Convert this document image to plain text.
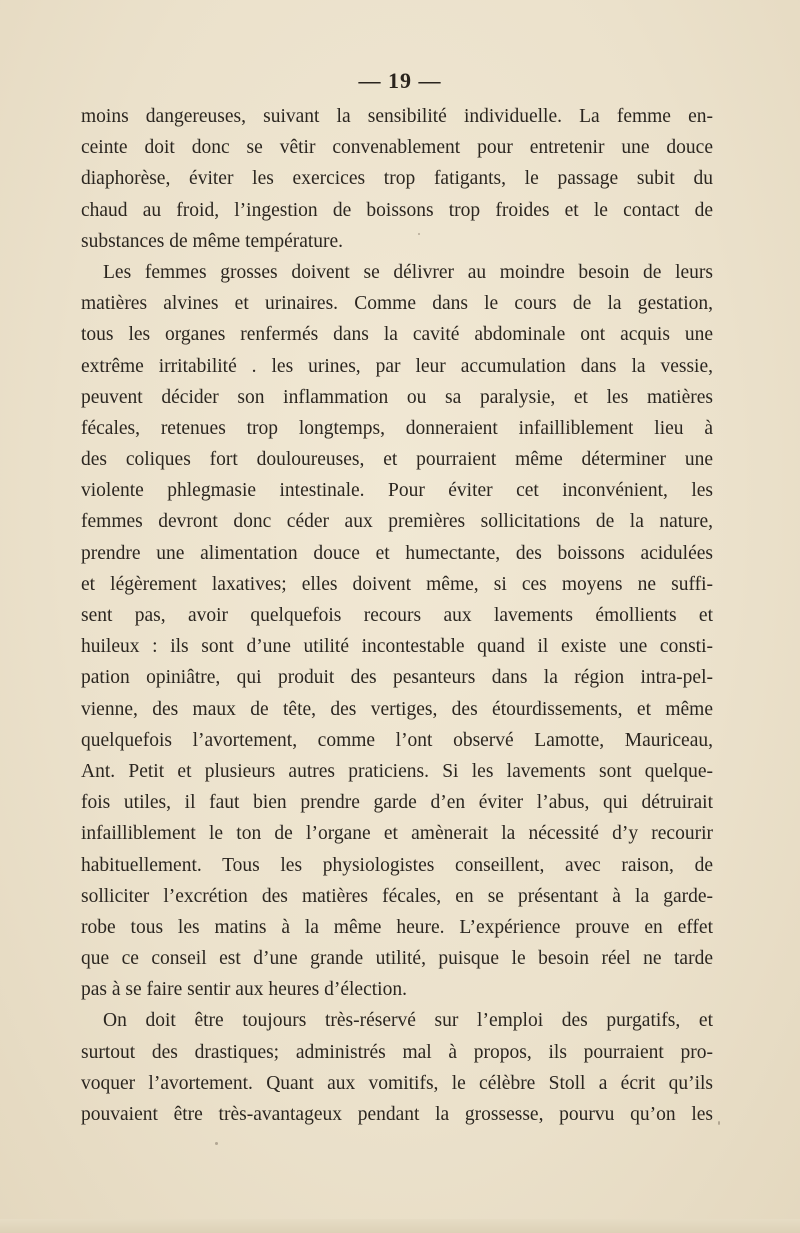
— 19 —
moins dangereuses, suivant la sensibilité individuelle. La femme en-
ceinte doit donc se vêtir convenablement pour entretenir une douce
diaphorèse, éviter les exercices trop fatigants, le passage subit du
chaud au froid, l’ingestion de boissons trop froides et le contact de
substances de même température.
Les femmes grosses doivent se délivrer au moindre besoin de leurs
matières alvines et urinaires. Comme dans le cours de la gestation,
tous les organes renfermés dans la cavité abdominale ont acquis une
extrême irritabilité . les urines, par leur accumulation dans la vessie,
peuvent décider son inflammation ou sa paralysie, et les matières
fécales, retenues trop longtemps, donneraient infailliblement lieu à
des coliques fort douloureuses, et pourraient même déterminer une
violente phlegmasie intestinale. Pour éviter cet inconvénient, les
femmes devront donc céder aux premières sollicitations de la nature,
prendre une alimentation douce et humectante, des boissons acidulées
et légèrement laxatives; elles doivent même, si ces moyens ne suffi-
sent pas, avoir quelquefois recours aux lavements émollients et
huileux : ils sont d’une utilité incontestable quand il existe une consti-
pation opiniâtre, qui produit des pesanteurs dans la région intra-pel-
vienne, des maux de tête, des vertiges, des étourdissements, et même
quelquefois l’avortement, comme l’ont observé Lamotte, Mauriceau,
Ant. Petit et plusieurs autres praticiens. Si les lavements sont quelque-
fois utiles, il faut bien prendre garde d’en éviter l’abus, qui détruirait
infailliblement le ton de l’organe et amènerait la nécessité d’y recourir
habituellement. Tous les physiologistes conseillent, avec raison, de
solliciter l’excrétion des matières fécales, en se présentant à la garde-
robe tous les matins à la même heure. L’expérience prouve en effet
que ce conseil est d’une grande utilité, puisque le besoin réel ne tarde
pas à se faire sentir aux heures d’élection.
On doit être toujours très-réservé sur l’emploi des purgatifs, et
surtout des drastiques; administrés mal à propos, ils pourraient pro-
voquer l’avortement. Quant aux vomitifs, le célèbre Stoll a écrit qu’ils
pouvaient être très-avantageux pendant la grossesse, pourvu qu’on les
